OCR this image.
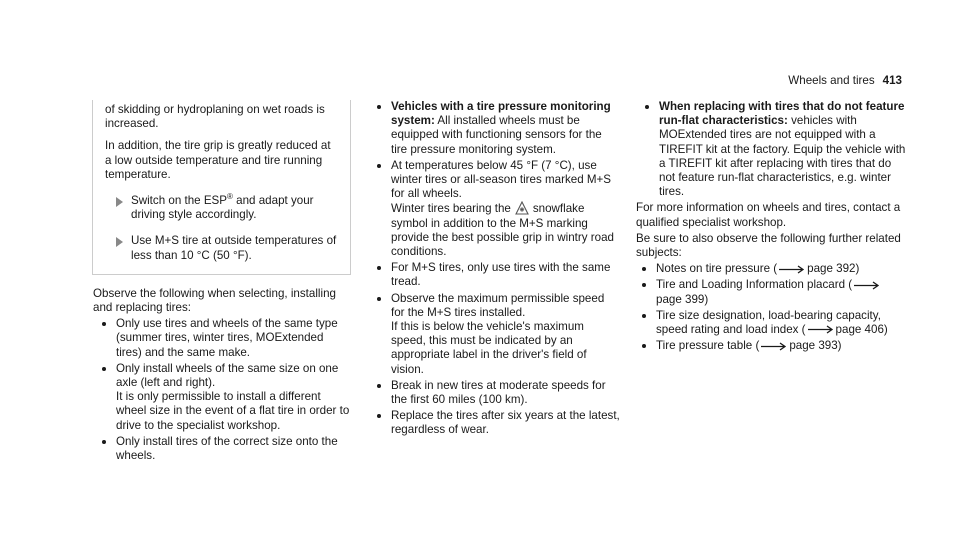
Wheels and tires 413

of skidding or hydroplaning on wet roads is increased.

In addition, the tire grip is greatly reduced at a low outside temperature and tire running temperature.

Switch on the ESP® and adapt your driving style accordingly.
Use M+S tire at outside temperatures of less than 10 °C (50 °F).

Observe the following when selecting, installing and replacing tires:

Only use tires and wheels of the same type (summer tires, winter tires, MOExtended tires) and the same make.
Only install wheels of the same size on one axle (left and right).
It is only permissible to install a different wheel size in the event of a flat tire in order to drive to the specialist workshop.
Only install tires of the correct size onto the wheels.
Vehicles with a tire pressure monitoring system: All installed wheels must be equipped with functioning sensors for the tire pressure monitoring system.
At temperatures below 45 °F (7 °C), use winter tires or all-season tires marked M+S for all wheels.
Winter tires bearing the snowflake symbol in addition to the M+S marking provide the best possible grip in wintry road conditions.
For M+S tires, only use tires with the same tread.
Observe the maximum permissible speed for the M+S tires installed.
If this is below the vehicle's maximum speed, this must be indicated by an appropriate label in the driver's field of vision.
Break in new tires at moderate speeds for the first 60 miles (100 km).
Replace the tires after six years at the latest, regardless of wear.
When replacing with tires that do not feature run-flat characteristics: vehicles with MOExtended tires are not equipped with a TIREFIT kit at the factory. Equip the vehicle with a TIREFIT kit after replacing with tires that do not feature run-flat characteristics, e.g. winter tires.

For more information on wheels and tires, contact a qualified specialist workshop.

Be sure to also observe the following further related subjects:

Notes on tire pressure (	page 392)
Tire and Loading Information placard (page 399)
Tire size designation, load-bearing capacity, speed rating and load index (	page 406)
Tire pressure table (	page 393)
